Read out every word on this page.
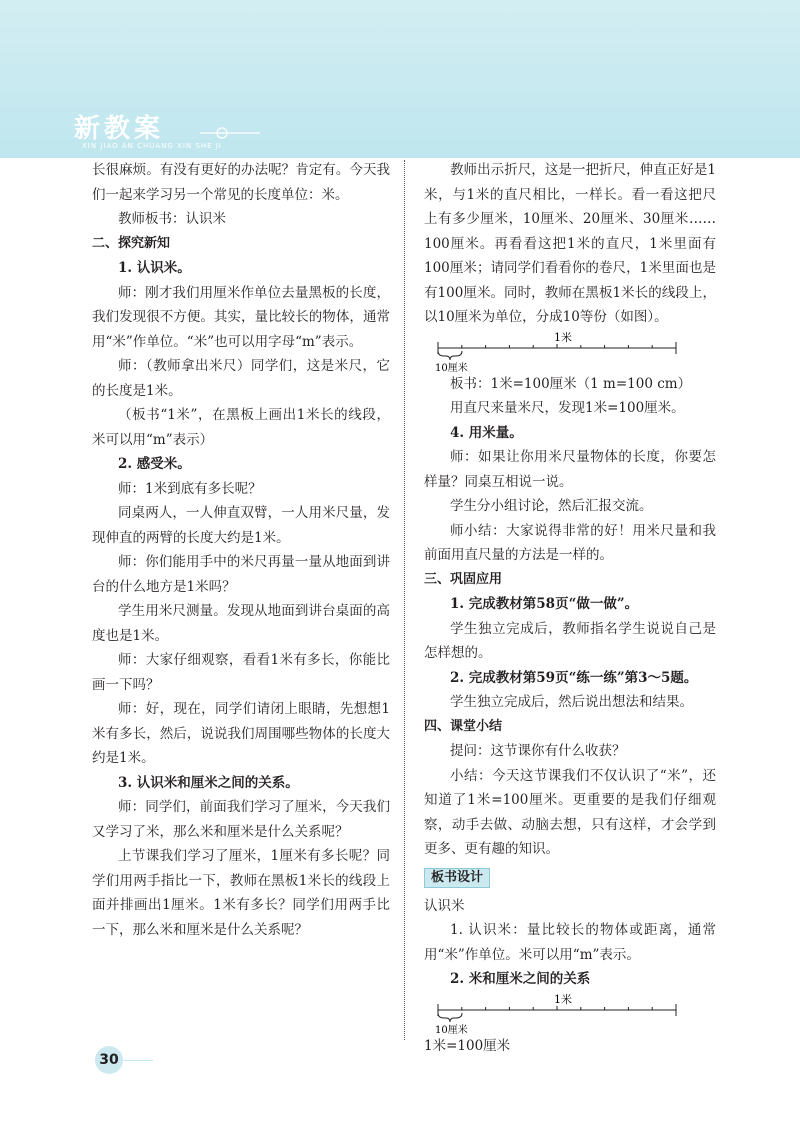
新教案
XIN JIAO AN CHUANG XIN SHE JI

长很麻烦。有没有更好的办法呢？肯定有。今天我们一起来学习另一个常见的长度单位：米。

教师板书：认识米

二、探究新知

1. 认识米。

师：刚才我们用厘米作单位去量黑板的长度，我们发现很不方便。其实，量比较长的物体，通常用“米”作单位。“米”也可以用字母“m”表示。

师：（教师拿出米尺）同学们，这是米尺，它的长度是1米。

（板书“1米”，在黑板上画出1米长的线段，米可以用“m”表示）

2. 感受米。

师：1米到底有多长呢？

同桌两人，一人伸直双臂，一人用米尺量，发现伸直的两臂的长度大约是1米。

师：你们能用手中的米尺再量一量从地面到讲台的什么地方是1米吗？

学生用米尺测量。发现从地面到讲台桌面的高度也是1米。

师：大家仔细观察，看看1米有多长，你能比画一下吗？

师：好，现在，同学们请闭上眼睛，先想想1米有多长，然后，说说我们周围哪些物体的长度大约是1米。

3. 认识米和厘米之间的关系。

师：同学们，前面我们学习了厘米，今天我们又学习了米，那么米和厘米是什么关系呢？

上节课我们学习了厘米，1厘米有多长呢？同学们用两手指比一下，教师在黑板1米长的线段上面并排画出1厘米。1米有多长？同学们用两手比一下，那么米和厘米是什么关系呢？

教师出示折尺，这是一把折尺，伸直正好是1米，与1米的直尺相比，一样长。看一看这把尺上有多少厘米，10厘米、20厘米、30厘米……100厘米。再看看这把1米的直尺，1米里面有100厘米；请同学们看看你的卷尺，1米里面也是有100厘米。同时，教师在黑板1米长的线段上，以10厘米为单位，分成10等份（如图）。

1米
10厘米

板书：1米=100厘米（1 m=100 cm）

用直尺来量米尺，发现1米=100厘米。

4. 用米量。

师：如果让你用米尺量物体的长度，你要怎样量？同桌互相说一说。

学生分小组讨论，然后汇报交流。

师小结：大家说得非常的好！用米尺量和我前面用直尺量的方法是一样的。

三、巩固应用

1. 完成教材第58页“做一做”。

学生独立完成后，教师指名学生说说自己是怎样想的。

2. 完成教材第59页“练一练”第3～5题。

学生独立完成后，然后说出想法和结果。

四、课堂小结

提问：这节课你有什么收获？

小结：今天这节课我们不仅认识了“米”，还知道了1米=100厘米。更重要的是我们仔细观察，动手去做、动脑去想，只有这样，才会学到更多、更有趣的知识。

板书设计

认识米

1. 认识米：量比较长的物体或距离，通常用“米”作单位。米可以用“m”表示。

2. 米和厘米之间的关系

1米
10厘米

1米=100厘米

30
